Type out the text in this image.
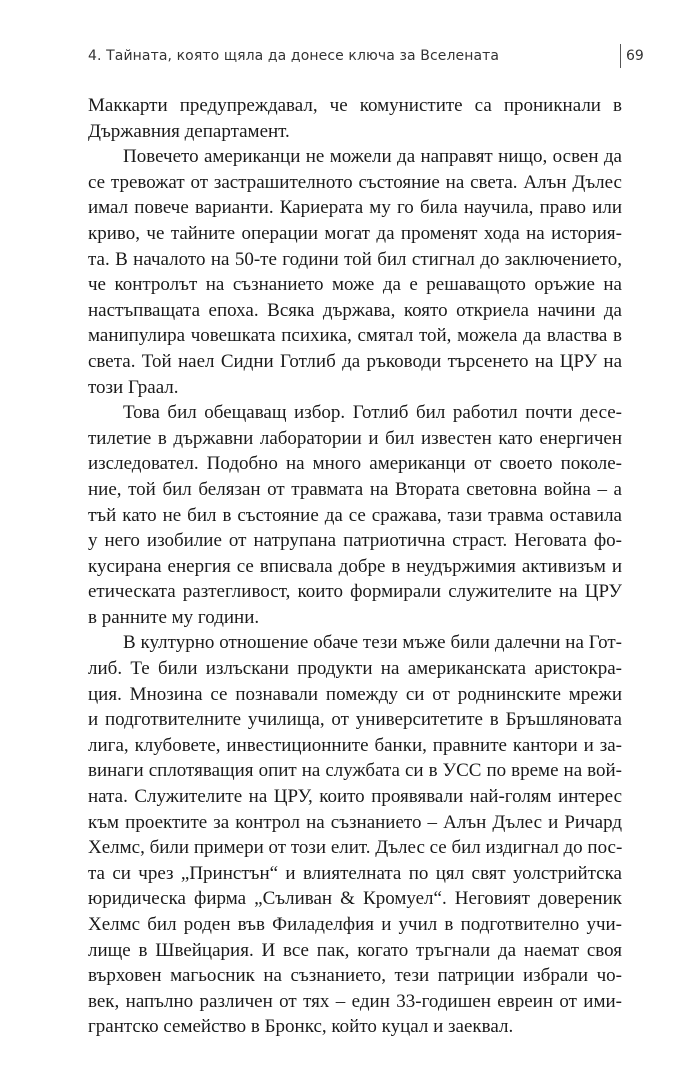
4. Тайната, която щяла да донесе ключа за Вселената	69
Маккарти предупреждавал, че комунистите са проникнали в
Държавния департамент.
Повечето американци не можели да направят нищо, освен да
се тревожат от застрашителното състояние на света. Алън Дълес
имал повече варианти. Кариерата му го била научила, право или
криво, че тайните операции могат да променят хода на история-
та. В началото на 50-те години той бил стигнал до заключението,
че контролът на съзнанието може да е решаващото оръжие на
настъпващата епоха. Всяка държава, която откриела начини да
манипулира човешката психика, смятал той, можела да властва в
света. Той наел Сидни Готлиб да ръководи търсенето на ЦРУ на
този Граал.
Това бил обещаващ избор. Готлиб бил работил почти десе-
тилетие в държавни лаборатории и бил известен като енергичен
изследовател. Подобно на много американци от своето поколе-
ние, той бил белязан от травмата на Втората световна война – а
тъй като не бил в състояние да се сражава, тази травма оставила
у него изобилие от натрупана патриотична страст. Неговата фо-
кусирана енергия се вписвала добре в неудържимия активизъм и
етическата разтегливост, които формирали служителите на ЦРУ
в ранните му години.
В културно отношение обаче тези мъже били далечни на Гот-
либ. Те били излъскани продукти на американската аристокра-
ция. Мнозина се познавали помежду си от роднинските мрежи
и подготвителните училища, от университетите в Бръшляновата
лига, клубовете, инвестиционните банки, правните кантори и за-
винаги сплотяващия опит на службата си в УСС по време на вой-
ната. Служителите на ЦРУ, които проявявали най-голям интерес
към проектите за контрол на съзнанието – Алън Дълес и Ричард
Хелмс, били примери от този елит. Дълес се бил издигнал до пос-
та си чрез „Принстън“ и влиятелната по цял свят уолстрийтска
юридическа фирма „Съливан & Кромуел“. Неговият довереник
Хелмс бил роден във Филаделфия и учил в подготвително учи-
лище в Швейцария. И все пак, когато тръгнали да наемат своя
върховен магьосник на съзнанието, тези патриции избрали чо-
век, напълно различен от тях – един 33-годишен евреин от ими-
грантско семейство в Бронкс, който куцал и заеквал.
